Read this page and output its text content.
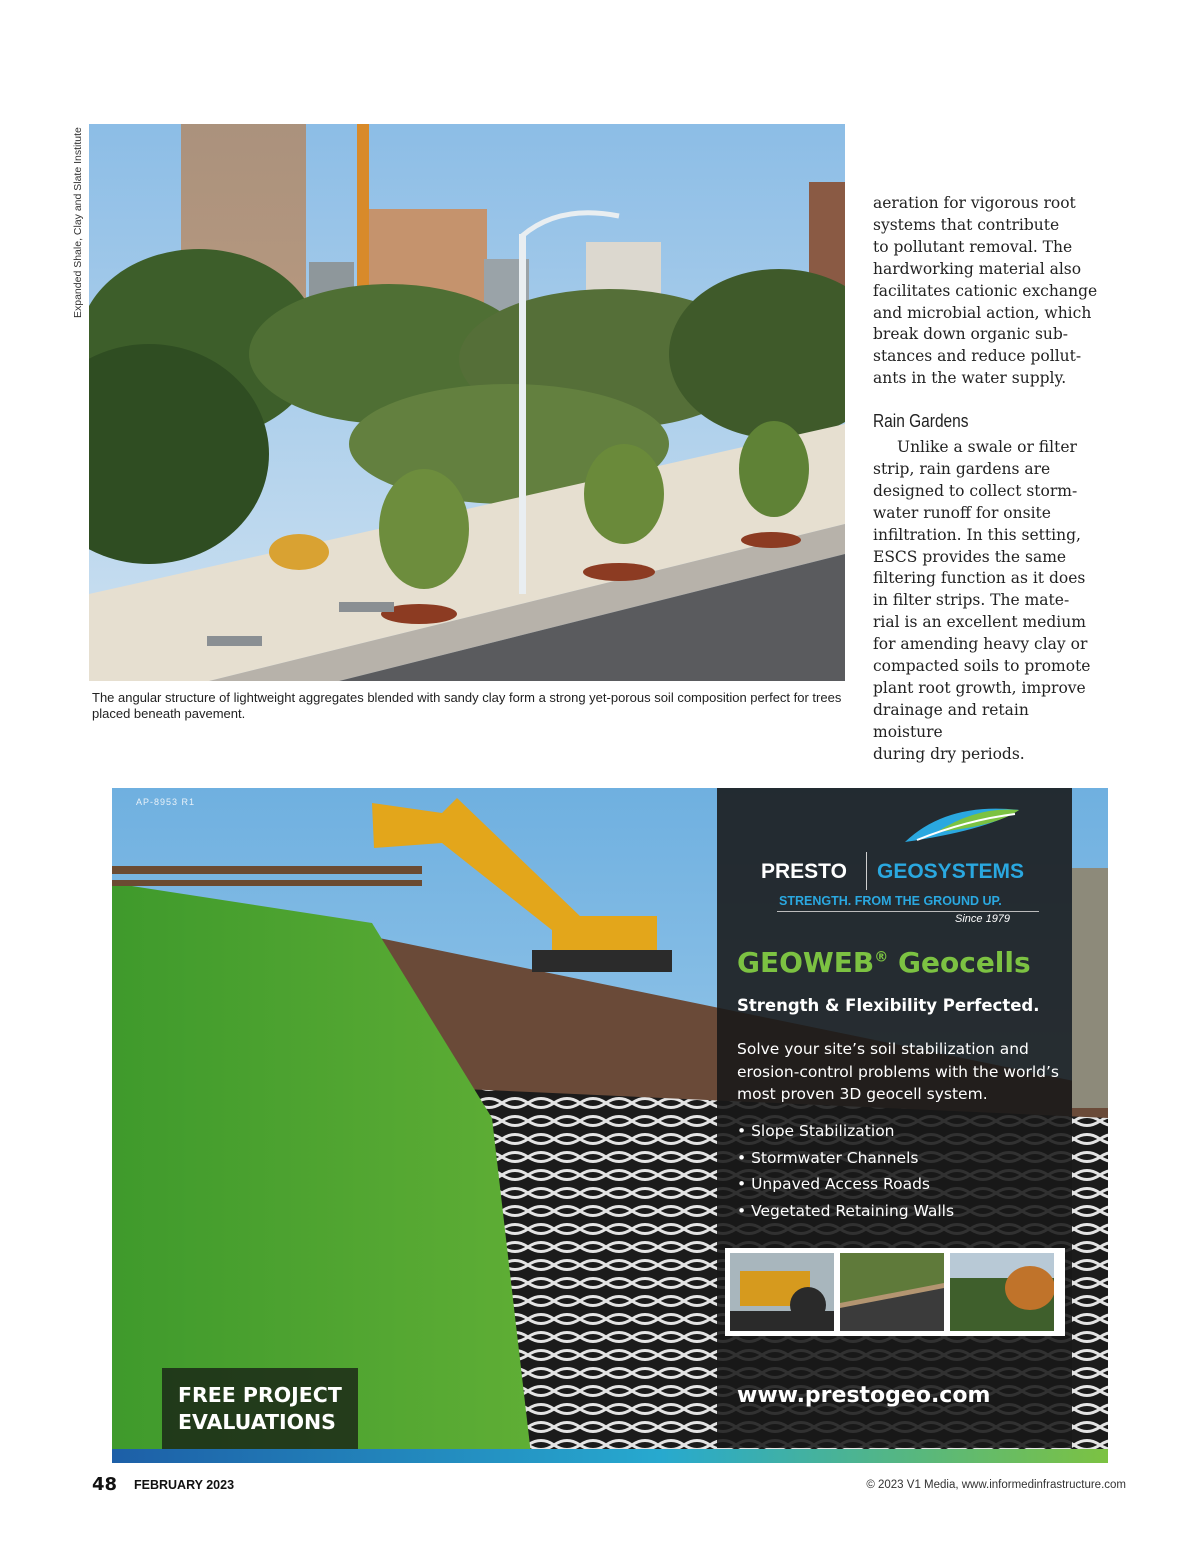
Expanded Shale, Clay and Slate Institute
The angular structure of lightweight aggregates blended with sandy clay form a strong yet-porous soil composition perfect for trees placed beneath pavement.

aeration for vigorous root

systems that contribute

to pollutant removal. The

hardworking material also

facilitates cationic exchange

and microbial action, which

break down organic sub-

stances and reduce pollut-

ants in the water supply.

Rain Gardens

Unlike a swale or filter

strip, rain gardens are

designed to collect storm-

water runoff for onsite

infiltration. In this setting,

ESCS provides the same

filtering function as it does

in filter strips. The mate-

rial is an excellent medium

for amending heavy clay or

compacted soils to promote

plant root growth, improve

drainage and retain moisture

during dry periods.

AP-8953 R1
PRESTO GEOSYSTEMS
STRENGTH. FROM THE GROUND UP.
Since 1979
GEOWEB® Geocells
Strength & Flexibility Perfected.
Solve your site’s soil stabilization and erosion-control problems with the world’s most proven 3D geocell system.
• Slope Stabilization
• Stormwater Channels
• Unpaved Access Roads
• Vegetated Retaining Walls
www.prestogeo.com
FREE PROJECT
EVALUATIONS
48 FEBRUARY 2023	© 2023 V1 Media, www.informedinfrastructure.com
